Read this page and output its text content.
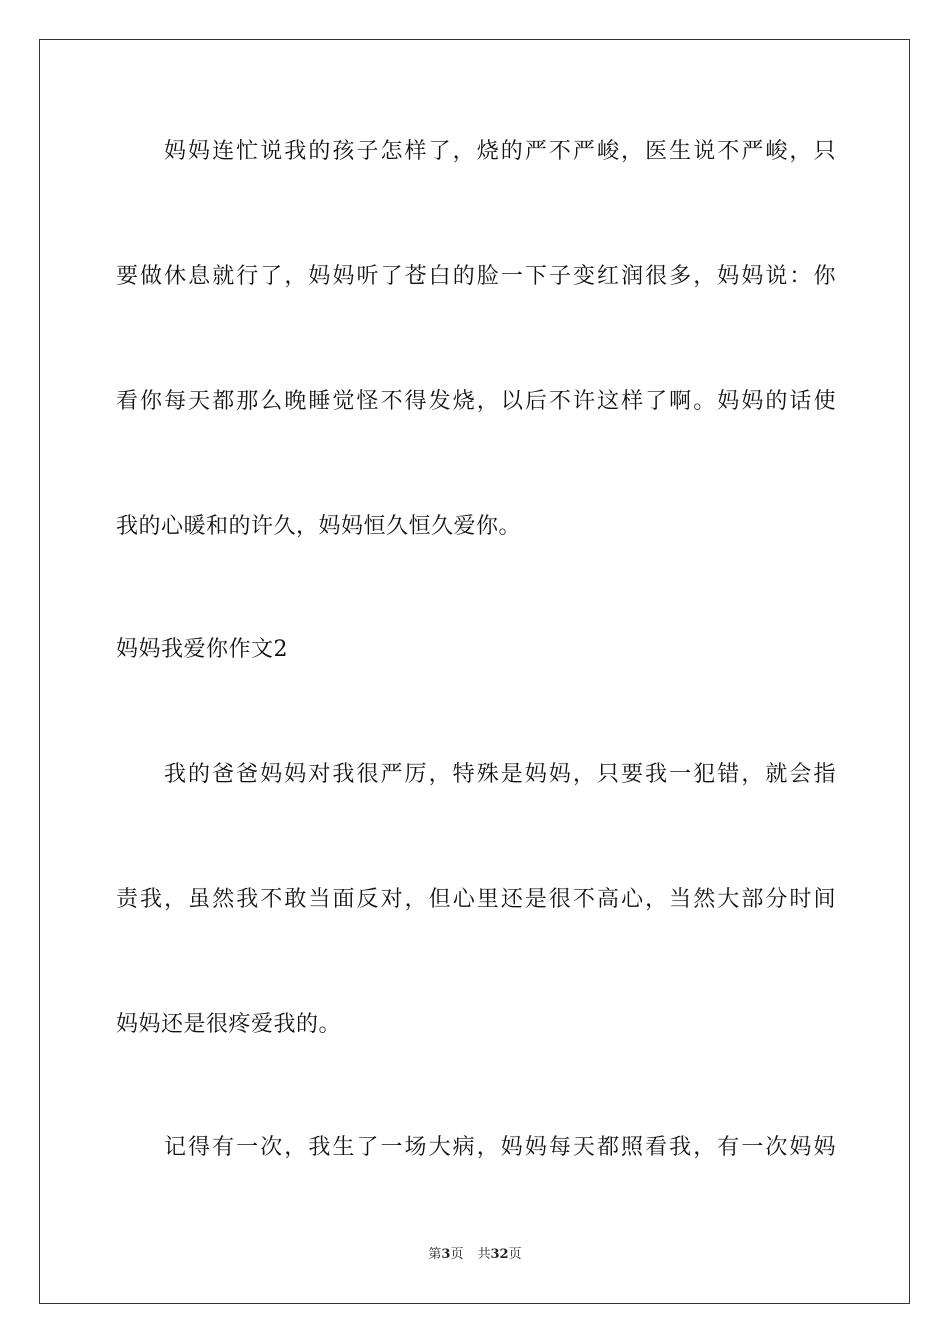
妈妈连忙说我的孩子怎样了，烧的严不严峻，医生说不严峻，只
要做休息就行了，妈妈听了苍白的脸一下子变红润很多，妈妈说：你
看你每天都那么晚睡觉怪不得发烧，以后不许这样了啊。妈妈的话使
我的心暖和的许久，妈妈恒久恒久爱你。
妈妈我爱你作文2
我的爸爸妈妈对我很严厉，特殊是妈妈，只要我一犯错，就会指
责我，虽然我不敢当面反对，但心里还是很不高心，当然大部分时间
妈妈还是很疼爱我的。
记得有一次，我生了一场大病，妈妈每天都照看我，有一次妈妈
第3页 共32页
